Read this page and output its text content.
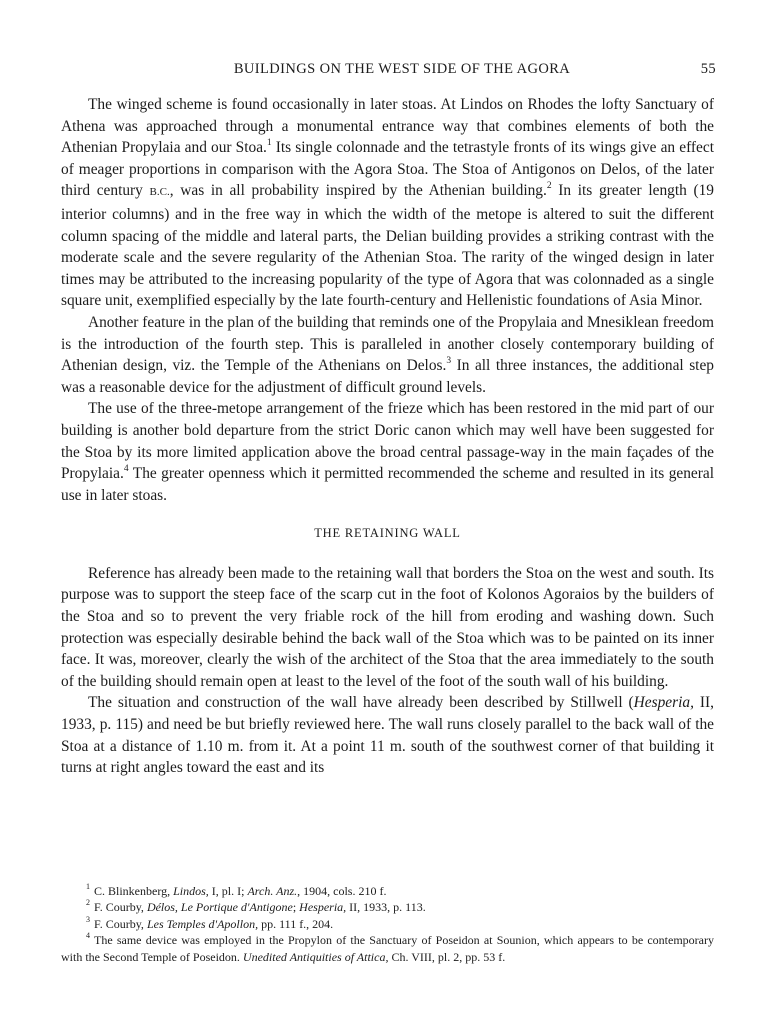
BUILDINGS ON THE WEST SIDE OF THE AGORA	55

The winged scheme is found occasionally in later stoas. At Lindos on Rhodes the lofty Sanctuary of Athena was approached through a monumental entrance way that combines elements of both the Athenian Propylaia and our Stoa.$^1$ Its single colonnade and the tetrastyle fronts of its wings give an effect of meager proportions in comparison with the Agora Stoa. The Stoa of Antigonos on Delos, of the later third century B.C., was in all probability inspired by the Athenian building.$^2$ In its greater length (19 interior columns) and in the free way in which the width of the metope is altered to suit the different column spacing of the middle and lateral parts, the Delian building provides a striking contrast with the moderate scale and the severe regularity of the Athenian Stoa. The rarity of the winged design in later times may be attributed to the increasing popularity of the type of Agora that was colonnaded as a single square unit, exemplified especially by the late fourth-century and Hellenistic foundations of Asia Minor.

Another feature in the plan of the building that reminds one of the Propylaia and Mnesiklean freedom is the introduction of the fourth step. This is paralleled in another closely contemporary building of Athenian design, viz. the Temple of the Athenians on Delos.$^3$ In all three instances, the additional step was a reasonable device for the adjustment of difficult ground levels.

The use of the three-metope arrangement of the frieze which has been restored in the mid part of our building is another bold departure from the strict Doric canon which may well have been suggested for the Stoa by its more limited application above the broad central passage-way in the main façades of the Propylaia.$^4$ The greater openness which it permitted recommended the scheme and resulted in its general use in later stoas.

THE RETAINING WALL

Reference has already been made to the retaining wall that borders the Stoa on the west and south. Its purpose was to support the steep face of the scarp cut in the foot of Kolonos Agoraios by the builders of the Stoa and so to prevent the very friable rock of the hill from eroding and washing down. Such protection was especially desirable behind the back wall of the Stoa which was to be painted on its inner face. It was, moreover, clearly the wish of the architect of the Stoa that the area immediately to the south of the building should remain open at least to the level of the foot of the south wall of his building.

The situation and construction of the wall have already been described by Stillwell (Hesperia, II, 1933, p. 115) and need be but briefly reviewed here. The wall runs closely parallel to the back wall of the Stoa at a distance of 1.10 m. from it. At a point 11 m. south of the southwest corner of that building it turns at right angles toward the east and its

$^1$ C. Blinkenberg, Lindos, I, pl. I; Arch. Anz., 1904, cols. 210 f.

$^2$ F. Courby, Délos, Le Portique d'Antigone; Hesperia, II, 1933, p. 113.

$^3$ F. Courby, Les Temples d'Apollon, pp. 111 f., 204.

$^4$ The same device was employed in the Propylon of the Sanctuary of Poseidon at Sounion, which appears to be contemporary with the Second Temple of Poseidon. Unedited Antiquities of Attica, Ch. VIII, pl. 2, pp. 53 f.
